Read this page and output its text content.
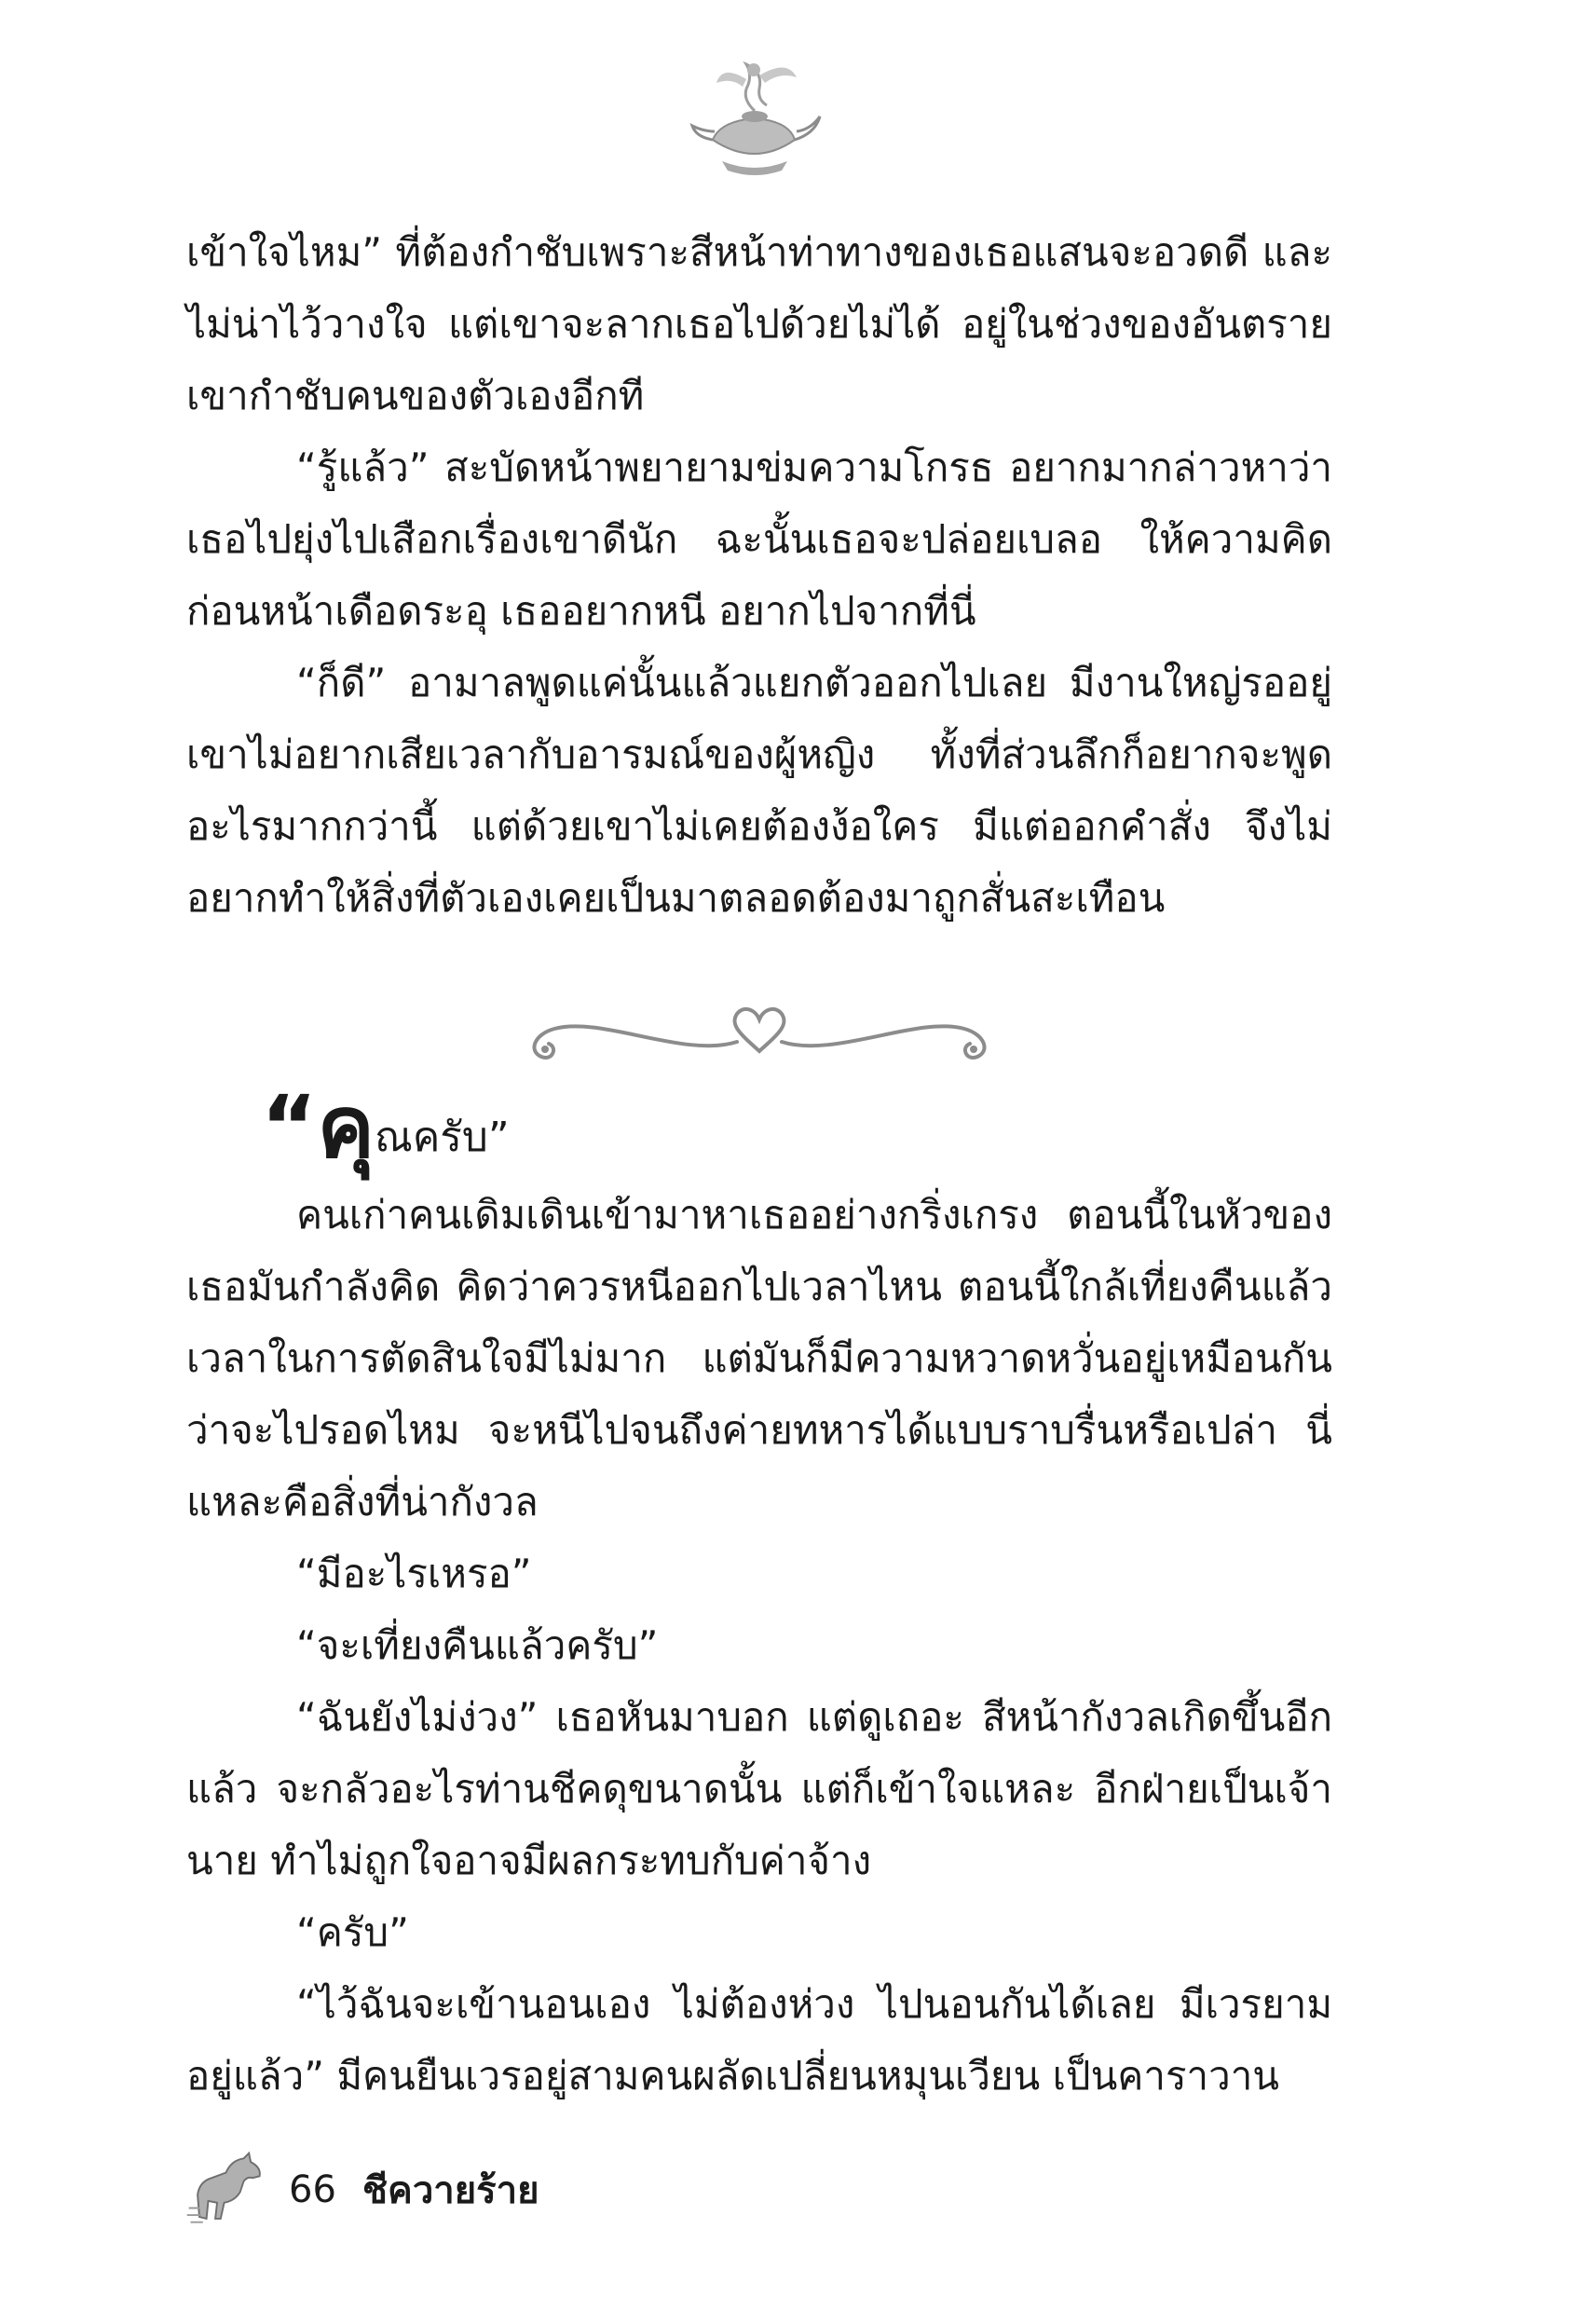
เข้าใจไหม” ที่ต้องกำชับเพราะสีหน้าท่าทางของเธอแสนจะอวดดี และไม่น่าไว้วางใจ แต่เขาจะลากเธอไปด้วยไม่ได้ อยู่ในช่วงของอันตราย เขากำชับคนของตัวเองอีกที

“รู้แล้ว” สะบัดหน้าพยายามข่มความโกรธ อยากมากล่าวหาว่าเธอไปยุ่งไปเสือกเรื่องเขาดีนัก ฉะนั้นเธอจะปล่อยเบลอ ให้ความคิดก่อนหน้าเดือดระอุ เธออยากหนี อยากไปจากที่นี่

“ก็ดี” อามาลพูดแค่นั้นแล้วแยกตัวออกไปเลย มีงานใหญ่รออยู่ เขาไม่อยากเสียเวลากับอารมณ์ของผู้หญิง ทั้งที่ส่วนลึกก็อยากจะพูดอะไรมากกว่านี้ แต่ด้วยเขาไม่เคยต้องง้อใคร มีแต่ออกคำสั่ง จึงไม่อยากทำให้สิ่งที่ตัวเองเคยเป็นมาตลอดต้องมาถูกสั่นสะเทือน

“คุณครับ”

คนเก่าคนเดิมเดินเข้ามาหาเธออย่างกริ่งเกรง ตอนนี้ในหัวของเธอมันกำลังคิด คิดว่าควรหนีออกไปเวลาไหน ตอนนี้ใกล้เที่ยงคืนแล้ว เวลาในการตัดสินใจมีไม่มาก แต่มันก็มีความหวาดหวั่นอยู่เหมือนกันว่าจะไปรอดไหม จะหนีไปจนถึงค่ายทหารได้แบบราบรื่นหรือเปล่า นี่แหละคือสิ่งที่น่ากังวล

“มีอะไรเหรอ”

“จะเที่ยงคืนแล้วครับ”

“ฉันยังไม่ง่วง” เธอหันมาบอก แต่ดูเถอะ สีหน้ากังวลเกิดขึ้นอีกแล้ว จะกลัวอะไรท่านชีคดุขนาดนั้น แต่ก็เข้าใจแหละ อีกฝ่ายเป็นเจ้านาย ทำไม่ถูกใจอาจมีผลกระทบกับค่าจ้าง

“ครับ”

“ไว้ฉันจะเข้านอนเอง ไม่ต้องห่วง ไปนอนกันได้เลย มีเวรยามอยู่แล้ว” มีคนยืนเวรอยู่สามคนผลัดเปลี่ยนหมุนเวียน เป็นคาราวาน

66 ชีควายร้าย
